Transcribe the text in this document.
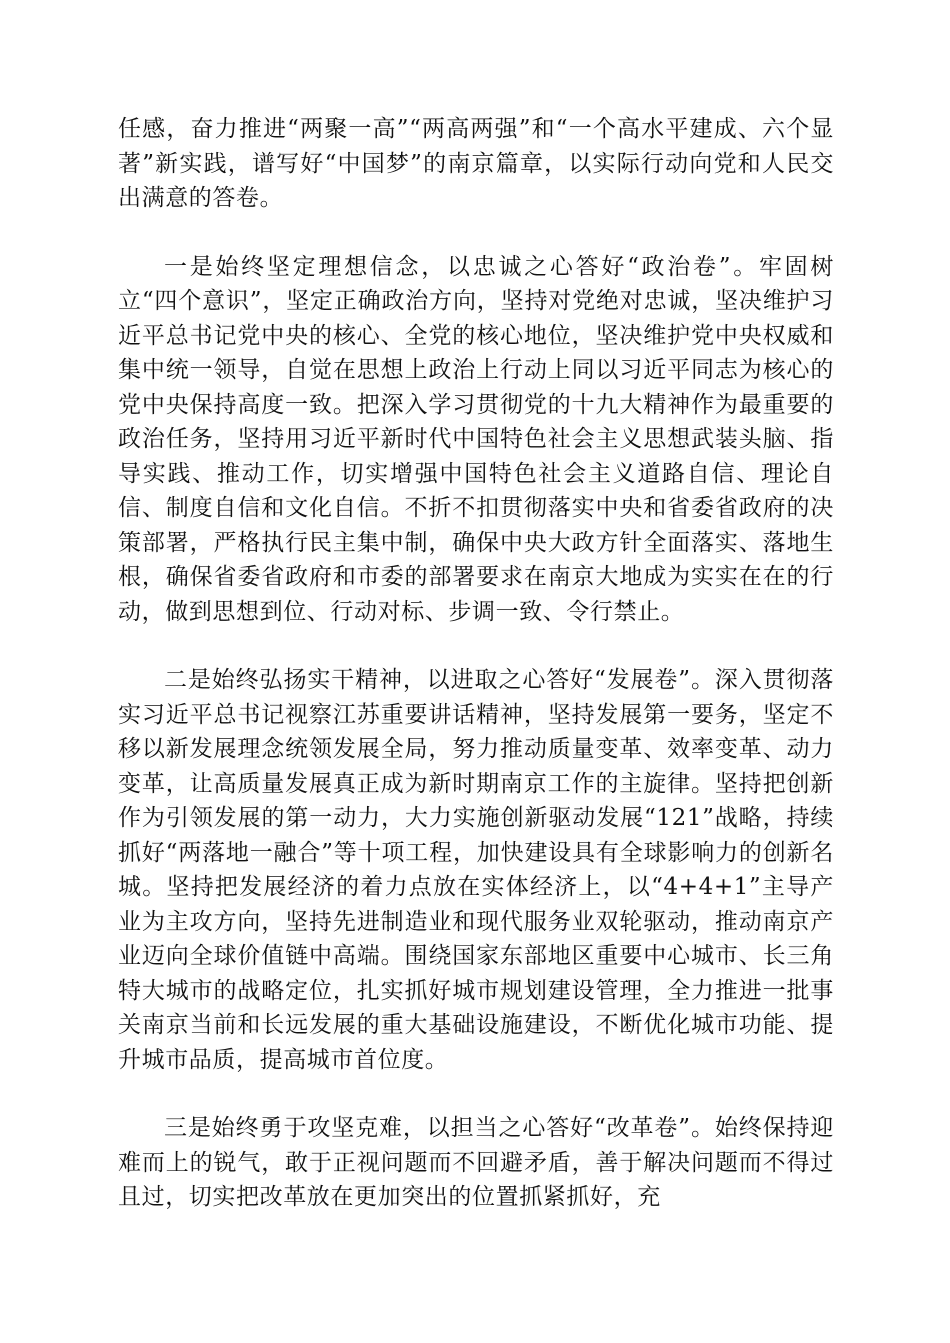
任感，奋力推进“两聚一高”“两高两强”和“一个高水平建成、六个显著”新实践，谱写好“中国梦”的南京篇章，以实际行动向党和人民交出满意的答卷。

一是始终坚定理想信念，以忠诚之心答好“政治卷”。牢固树立“四个意识”，坚定正确政治方向，坚持对党绝对忠诚，坚决维护习近平总书记党中央的核心、全党的核心地位，坚决维护党中央权威和集中统一领导，自觉在思想上政治上行动上同以习近平同志为核心的党中央保持高度一致。把深入学习贯彻党的十九大精神作为最重要的政治任务，坚持用习近平新时代中国特色社会主义思想武装头脑、指导实践、推动工作，切实增强中国特色社会主义道路自信、理论自信、制度自信和文化自信。不折不扣贯彻落实中央和省委省政府的决策部署，严格执行民主集中制，确保中央大政方针全面落实、落地生根，确保省委省政府和市委的部署要求在南京大地成为实实在在的行动，做到思想到位、行动对标、步调一致、令行禁止。

二是始终弘扬实干精神，以进取之心答好“发展卷”。深入贯彻落实习近平总书记视察江苏重要讲话精神，坚持发展第一要务，坚定不移以新发展理念统领发展全局，努力推动质量变革、效率变革、动力变革，让高质量发展真正成为新时期南京工作的主旋律。坚持把创新作为引领发展的第一动力，大力实施创新驱动发展“121”战略，持续抓好“两落地一融合”等十项工程，加快建设具有全球影响力的创新名城。坚持把发展经济的着力点放在实体经济上，以“4+4+1”主导产业为主攻方向，坚持先进制造业和现代服务业双轮驱动，推动南京产业迈向全球价值链中高端。围绕国家东部地区重要中心城市、长三角特大城市的战略定位，扎实抓好城市规划建设管理，全力推进一批事关南京当前和长远发展的重大基础设施建设，不断优化城市功能、提升城市品质，提高城市首位度。

三是始终勇于攻坚克难，以担当之心答好“改革卷”。始终保持迎难而上的锐气，敢于正视问题而不回避矛盾，善于解决问题而不得过且过，切实把改革放在更加突出的位置抓紧抓好，充
